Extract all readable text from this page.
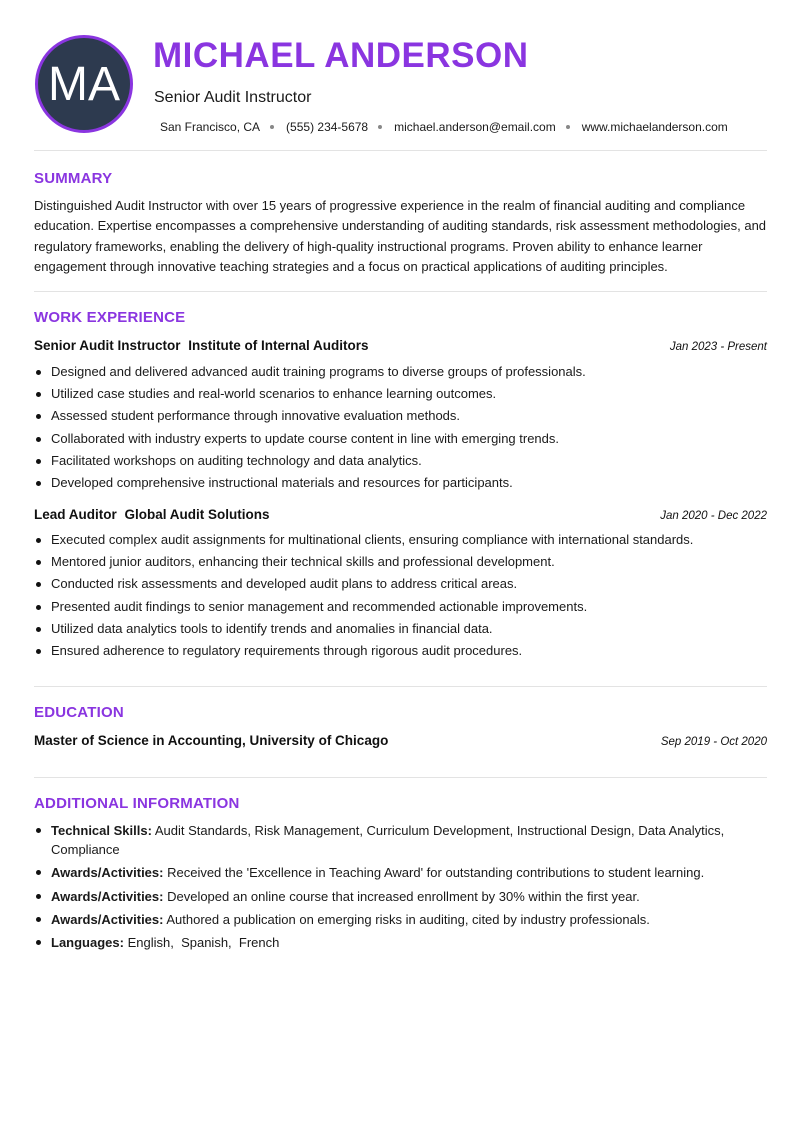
MA
MICHAEL ANDERSON
Senior Audit Instructor
San Francisco, CA (555) 234-5678 michael.anderson@email.com www.michaelanderson.com
SUMMARY

Distinguished Audit Instructor with over 15 years of progressive experience in the realm of financial auditing and compliance education. Expertise encompasses a comprehensive understanding of auditing standards, risk assessment methodologies, and regulatory frameworks, enabling the delivery of high-quality instructional programs. Proven ability to enhance learner engagement through innovative teaching strategies and a focus on practical applications of auditing principles.

WORK EXPERIENCE
Senior Audit Instructor Institute of Internal Auditors	Jan 2023 - Present
Designed and delivered advanced audit training programs to diverse groups of professionals.
Utilized case studies and real-world scenarios to enhance learning outcomes.
Assessed student performance through innovative evaluation methods.
Collaborated with industry experts to update course content in line with emerging trends.
Facilitated workshops on auditing technology and data analytics.
Developed comprehensive instructional materials and resources for participants.
Lead Auditor Global Audit Solutions	Jan 2020 - Dec 2022
Executed complex audit assignments for multinational clients, ensuring compliance with international standards.
Mentored junior auditors, enhancing their technical skills and professional development.
Conducted risk assessments and developed audit plans to address critical areas.
Presented audit findings to senior management and recommended actionable improvements.
Utilized data analytics tools to identify trends and anomalies in financial data.
Ensured adherence to regulatory requirements through rigorous audit procedures.
EDUCATION
Master of Science in Accounting, University of Chicago	Sep 2019 - Oct 2020
ADDITIONAL INFORMATION
Technical Skills: Audit Standards, Risk Management, Curriculum Development, Instructional Design, Data Analytics, Compliance
Awards/Activities: Received the 'Excellence in Teaching Award' for outstanding contributions to student learning.
Awards/Activities: Developed an online course that increased enrollment by 30% within the first year.
Awards/Activities: Authored a publication on emerging risks in auditing, cited by industry professionals.
Languages: English,  Spanish,  French
